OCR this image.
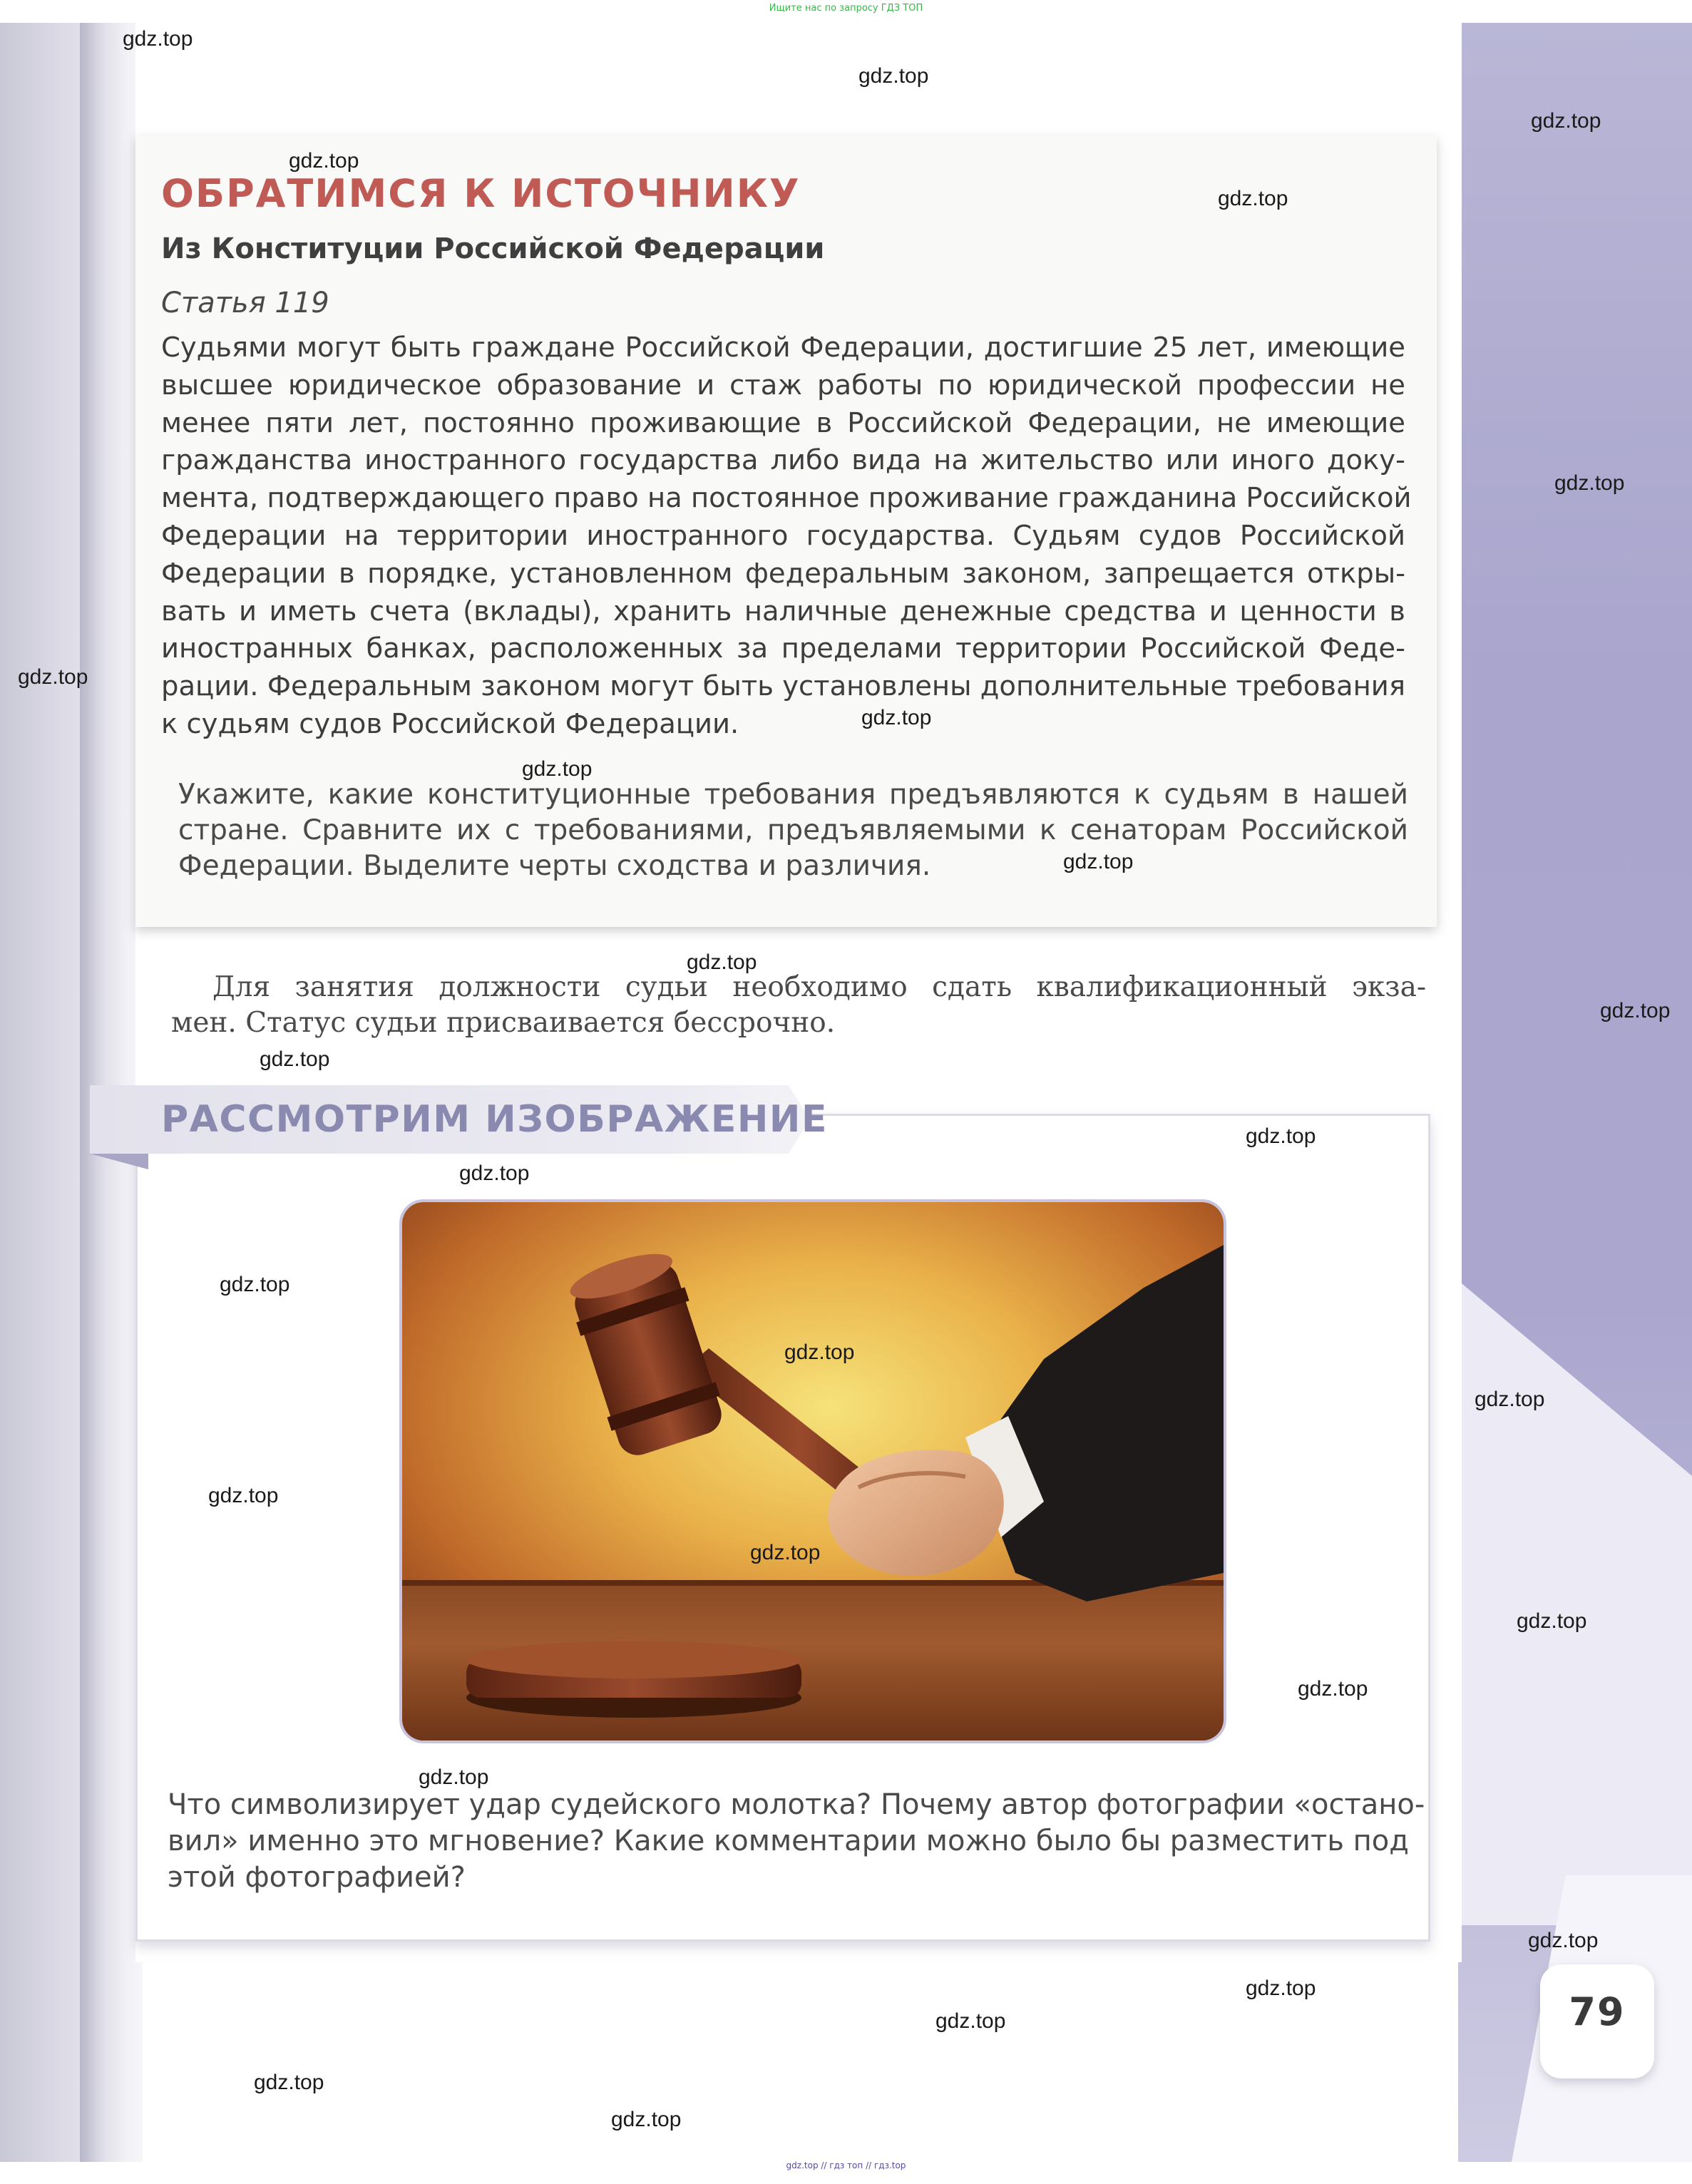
Ищите нас по запросу ГДЗ ТОП
ОБРАТИМСЯ К ИСТОЧНИКУ
Из Конституции Российской Федерации
Статья 119
Судьями могут быть граждане Российской Федерации, достигшие 25 лет, имеющие
высшее юридическое образование и стаж работы по юридической профессии не
менее пяти лет, постоянно проживающие в Российской Федерации, не имеющие
гражданства иностранного государства либо вида на жительство или иного доку-
мента, подтверждающего право на постоянное проживание гражданина Российской
Федерации на территории иностранного государства. Судьям судов Российской
Федерации в порядке, установленном федеральным законом, запрещается откры-
вать и иметь счета (вклады), хранить наличные денежные средства и ценности в
иностранных банках, расположенных за пределами территории Российской Феде-
рации. Федеральным законом могут быть установлены дополнительные требования
к судьям судов Российской Федерации.
Укажите, какие конституционные требования предъявляются к судьям в нашей
стране. Сравните их с требованиями, предъявляемыми к сенаторам Российской
Федерации. Выделите черты сходства и различия.
Для занятия должности судьи необходимо сдать квалификационный экза-
мен. Статус судьи присваивается бессрочно.
РАССМОТРИМ ИЗОБРАЖЕНИЕ
Что символизирует удар судейского молотка? Почему автор фотографии «остано-
вил» именно это мгновение? Какие комментарии можно было бы разместить под
этой фотографией?
79
gdz.top
gdz.top
gdz.top
gdz.top
gdz.top
gdz.top
gdz.top
gdz.top
gdz.top
gdz.top
gdz.top
gdz.top
gdz.top
gdz.top
gdz.top
gdz.top
gdz.top
gdz.top
gdz.top
gdz.top
gdz.top
gdz.top
gdz.top
gdz.top
gdz.top
gdz.top
gdz.top
gdz.top
gdz.top // гдз топ // гдз.top
